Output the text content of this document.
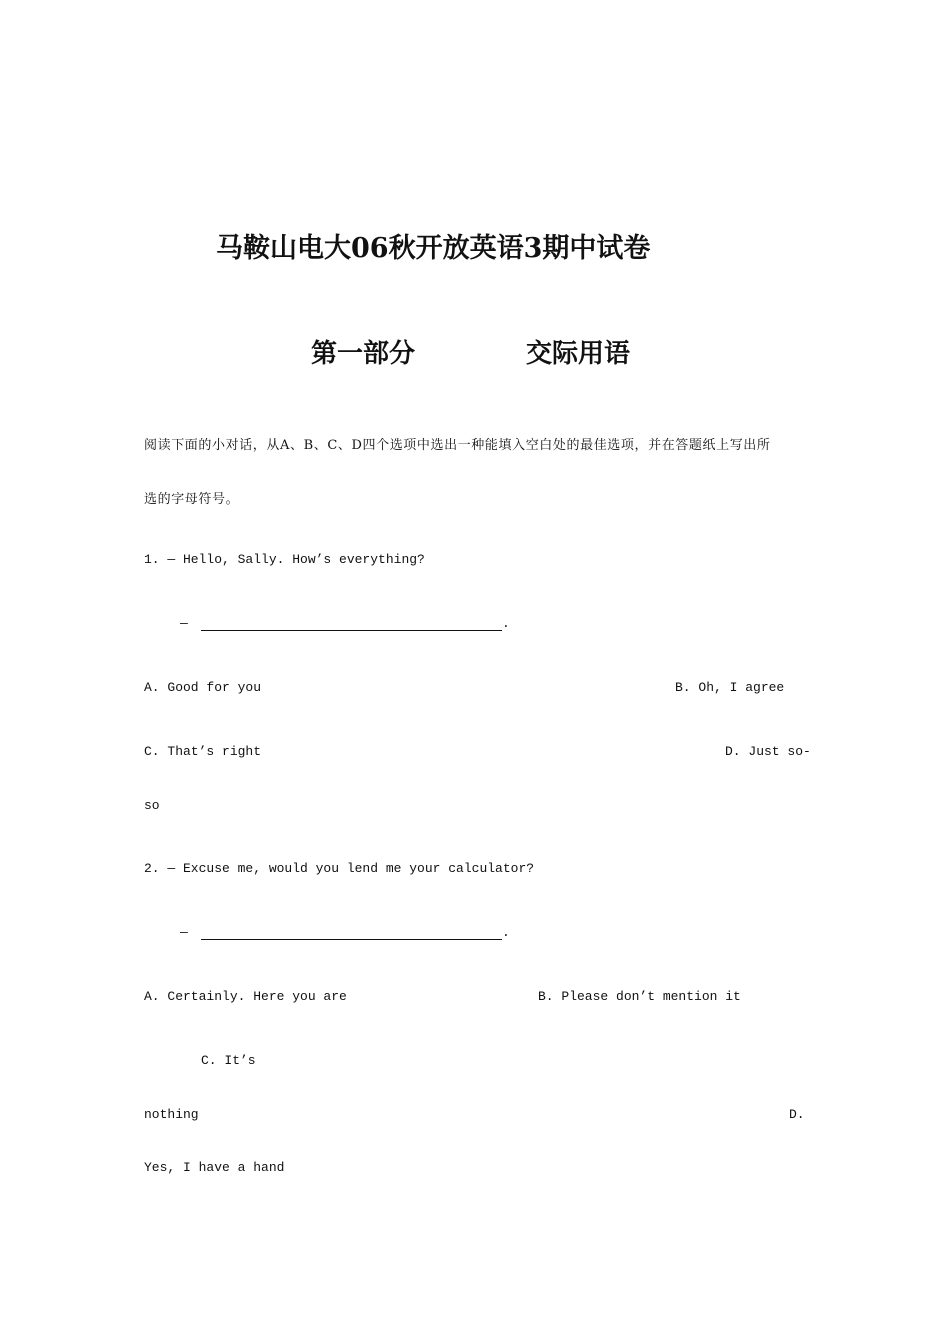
马鞍山电大06秋开放英语3期中试卷
第一部分	交际用语

阅读下面的小对话，从A、B、C、D四个选项中选出一种能填入空白处的最佳选项，并在答题纸上写出所

选的字母符号。

1. — Hello, Sally. How’s everything?

—	.

A. Good for you	B. Oh, I agree

C. That’s right	D. Just so-

so

2. — Excuse me, would you lend me your calculator?

—	.

A. Certainly. Here you are	B. Please don’t mention it

C. It’s

nothing	D.

Yes, I have a hand
